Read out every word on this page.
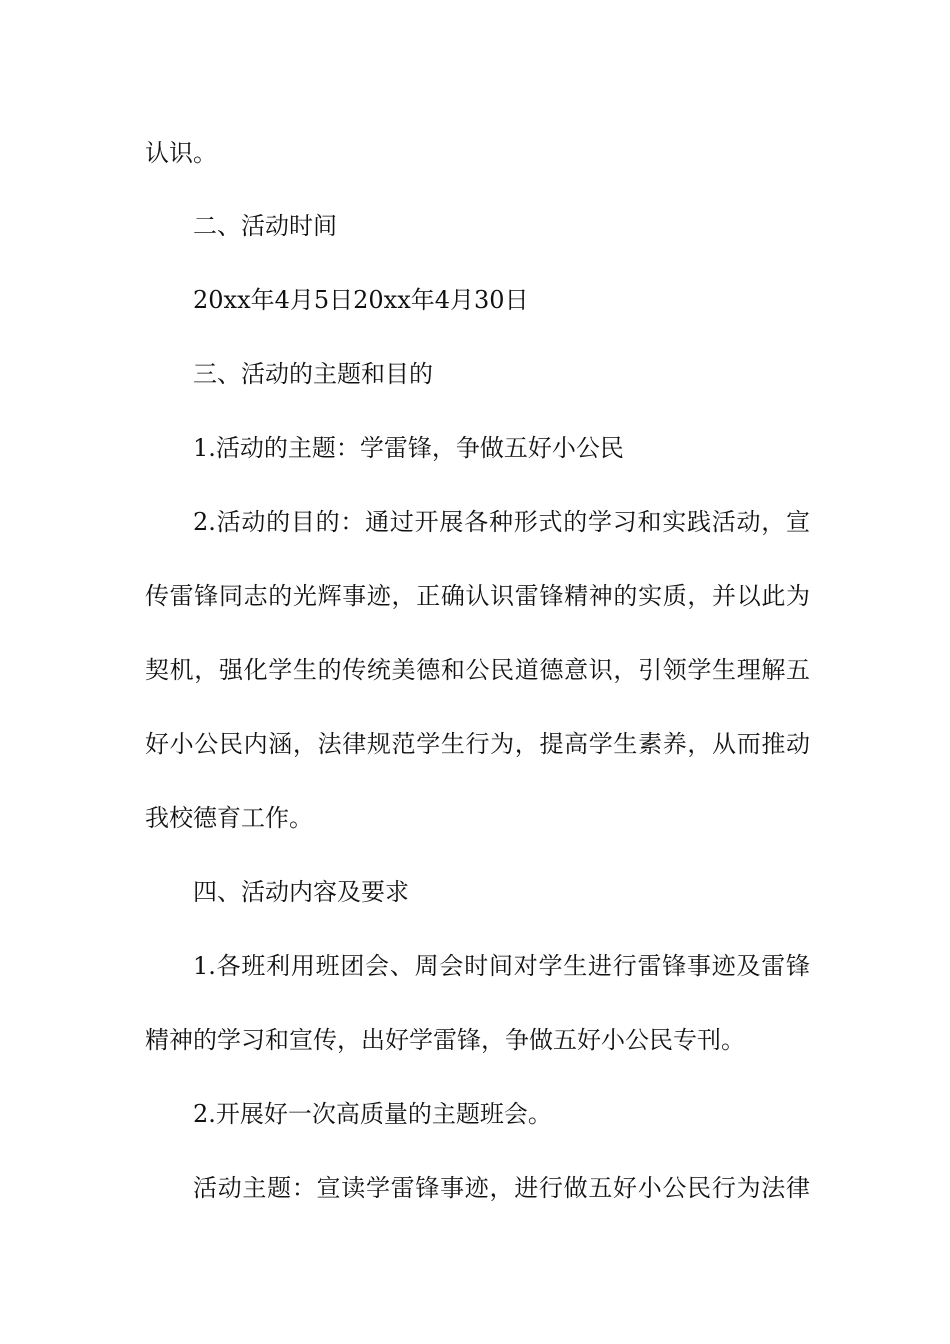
认识。
二、活动时间
20xx年4月5日20xx年4月30日
三、活动的主题和目的
1.活动的主题：学雷锋，争做五好小公民
2.活动的目的：通过开展各种形式的学习和实践活动，宣
传雷锋同志的光辉事迹，正确认识雷锋精神的实质，并以此为
契机，强化学生的传统美德和公民道德意识，引领学生理解五
好小公民内涵，法律规范学生行为，提高学生素养，从而推动
我校德育工作。
四、活动内容及要求
1.各班利用班团会、周会时间对学生进行雷锋事迹及雷锋
精神的学习和宣传，出好学雷锋，争做五好小公民专刊。
2.开展好一次高质量的主题班会。
活动主题：宣读学雷锋事迹，进行做五好小公民行为法律
